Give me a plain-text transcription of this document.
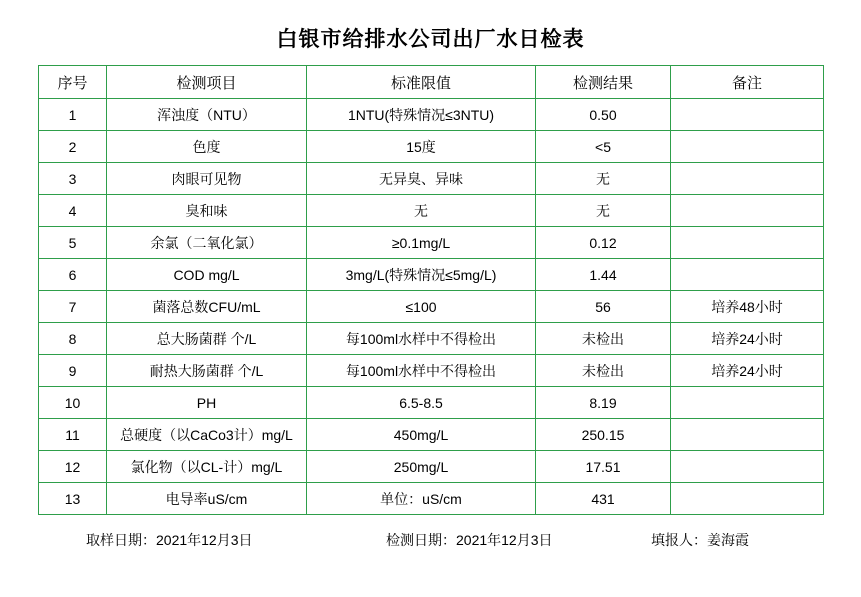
白银市给排水公司出厂水日检表
序号	检测项目	标准限值	检测结果	备注
1	浑浊度（NTU）	1NTU(特殊情况≤3NTU)	0.50	
2	色度	15度	<5	
3	肉眼可见物	无异臭、异味	无	
4	臭和味	无	无	
5	余氯（二氧化氯）	≥0.1mg/L	0.12	
6	COD mg/L	3mg/L(特殊情况≤5mg/L)	1.44	
7	菌落总数CFU/mL	≤100	56	培养48小时
8	总大肠菌群 个/L	每100ml水样中不得检出	未检出	培养24小时
9	耐热大肠菌群 个/L	每100ml水样中不得检出	未检出	培养24小时
10	PH	6.5-8.5	8.19	
11	总硬度（以CaCo3计）mg/L	450mg/L	250.15	
12	氯化物（以CL-计）mg/L	250mg/L	17.51	
13	电导率uS/cm	单位：uS/cm	431	
取样日期：2021年12月3日	检测日期：2021年12月3日	填报人：姜海霞
